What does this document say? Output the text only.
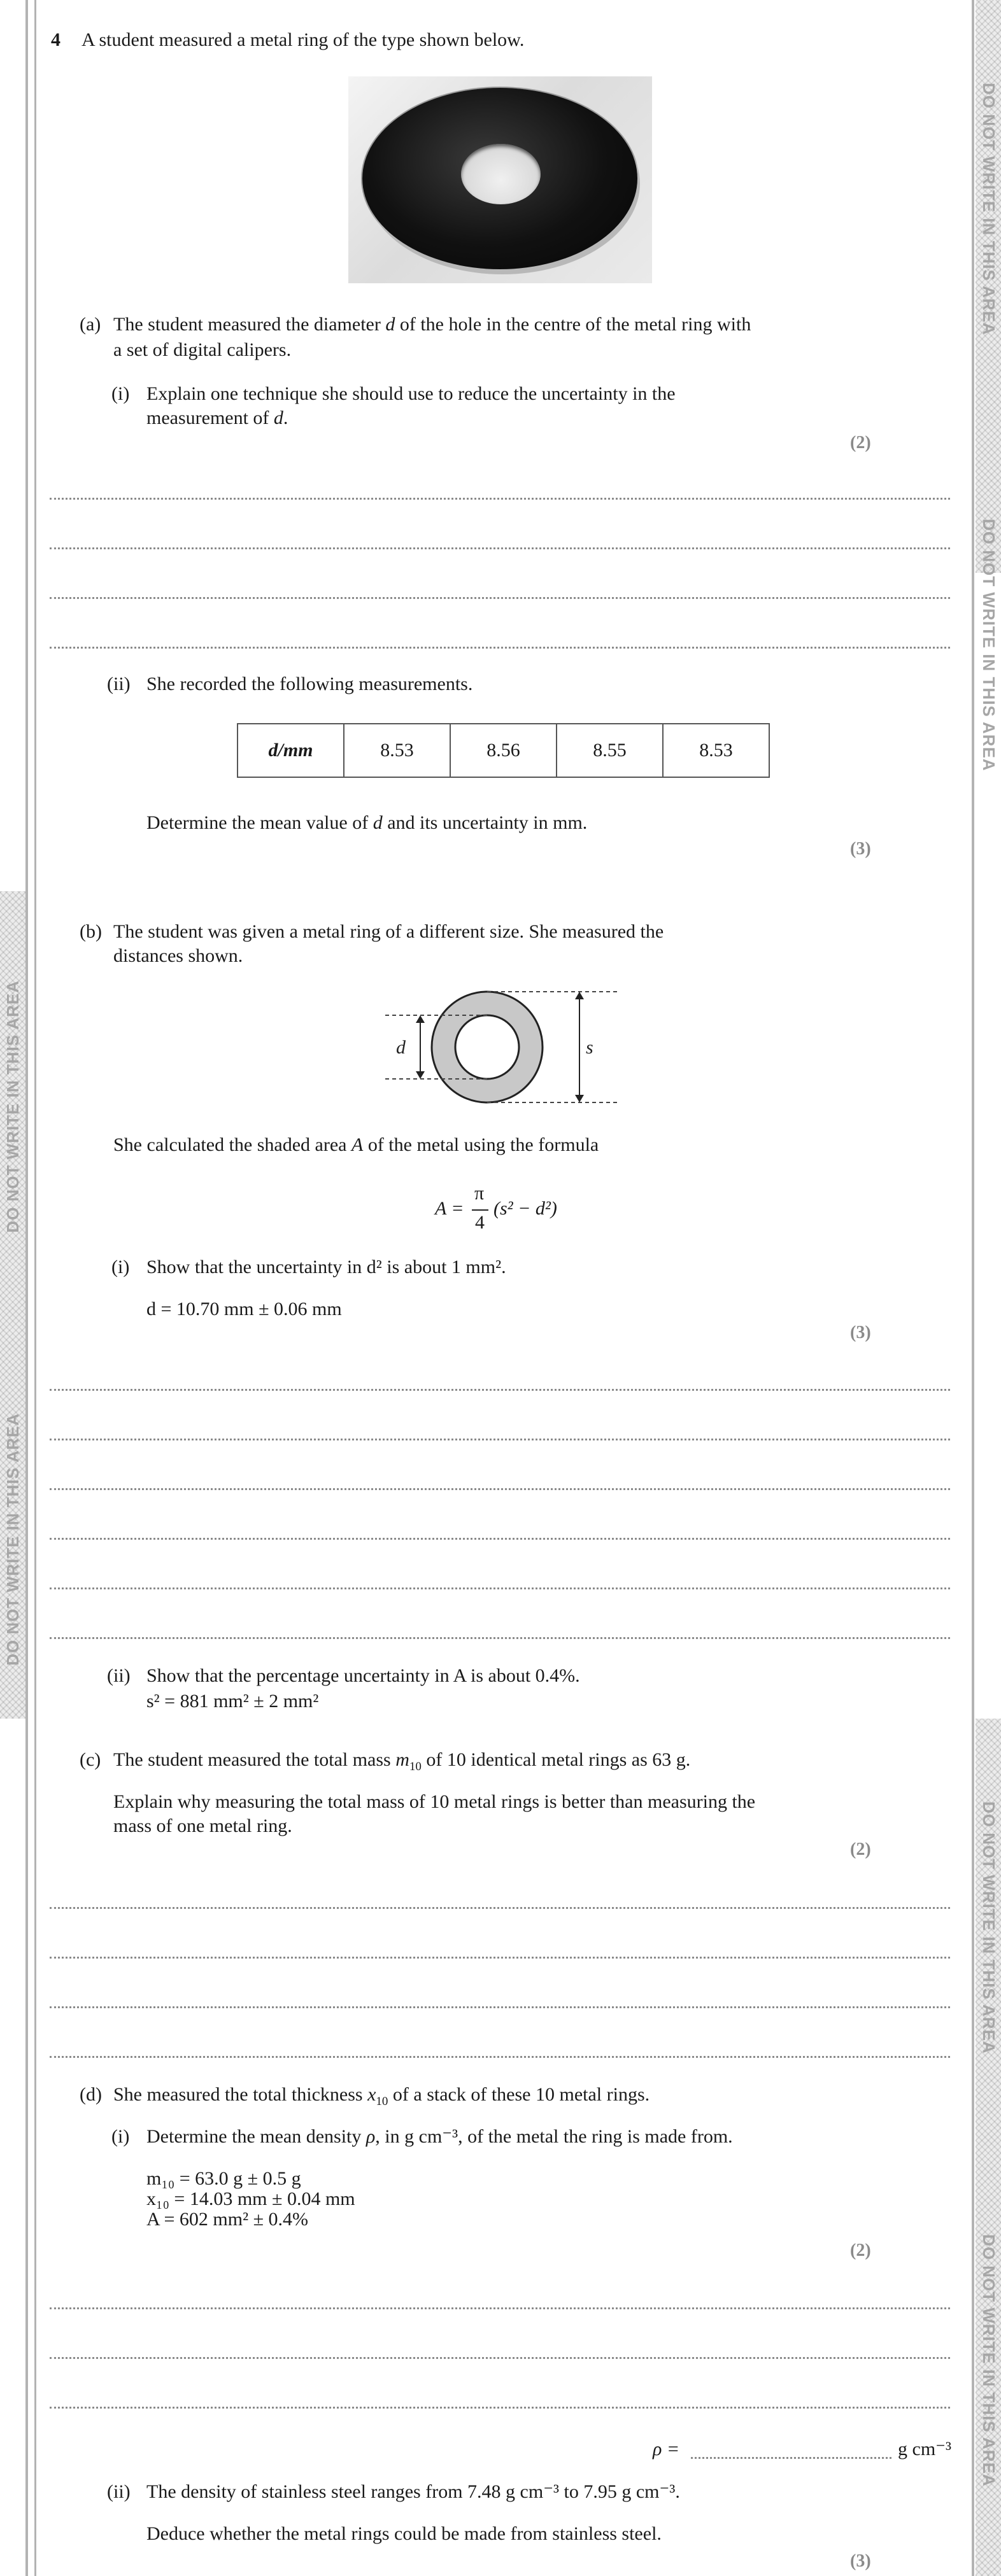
DO NOT WRITE IN THIS AREA
DO NOT WRITE IN THIS AREA
DO NOT WRITE IN THIS AREA
DO NOT WRITE IN THIS AREA
DO NOT WRITE IN THIS AREA
DO NOT WRITE IN THIS AREA
4 A student measured a metal ring of the type shown below.
(a) The student measured the diameter d of the hole in the centre of the metal ring with
a set of digital calipers.
(i) Explain one technique she should use to reduce the uncertainty in the
measurement of d.
(2)
(ii) She recorded the following measurements.
d/mm	8.53	8.56	8.55	8.53
Determine the mean value of d and its uncertainty in mm.
(3)
(b) The student was given a metal ring of a different size. She measured the
distances shown.
d	s
She calculated the shaded area A of the metal using the formula
A =
π
4
(s² − d²)
(i) Show that the uncertainty in d² is about 1 mm².
d = 10.70 mm ± 0.06 mm
(3)
(ii) Show that the percentage uncertainty in A is about 0.4%.
s² = 881 mm² ± 2 mm²
(c) The student measured the total mass $m_{10}$ of 10 identical metal rings as 63 g.
Explain why measuring the total mass of 10 metal rings is better than measuring the
mass of one metal ring.
(2)
(d) She measured the total thickness $x_{10}$ of a stack of these 10 metal rings.
(i) Determine the mean density ρ, in g cm⁻³, of the metal the ring is made from.
m₁₀ = 63.0 g ± 0.5 g
x₁₀ = 14.03 mm ± 0.04 mm
A = 602 mm² ± 0.4%
(2)
ρ =	g cm⁻³
(ii) The density of stainless steel ranges from 7.48 g cm⁻³ to 7.95 g cm⁻³.
Deduce whether the metal rings could be made from stainless steel.
(3)
